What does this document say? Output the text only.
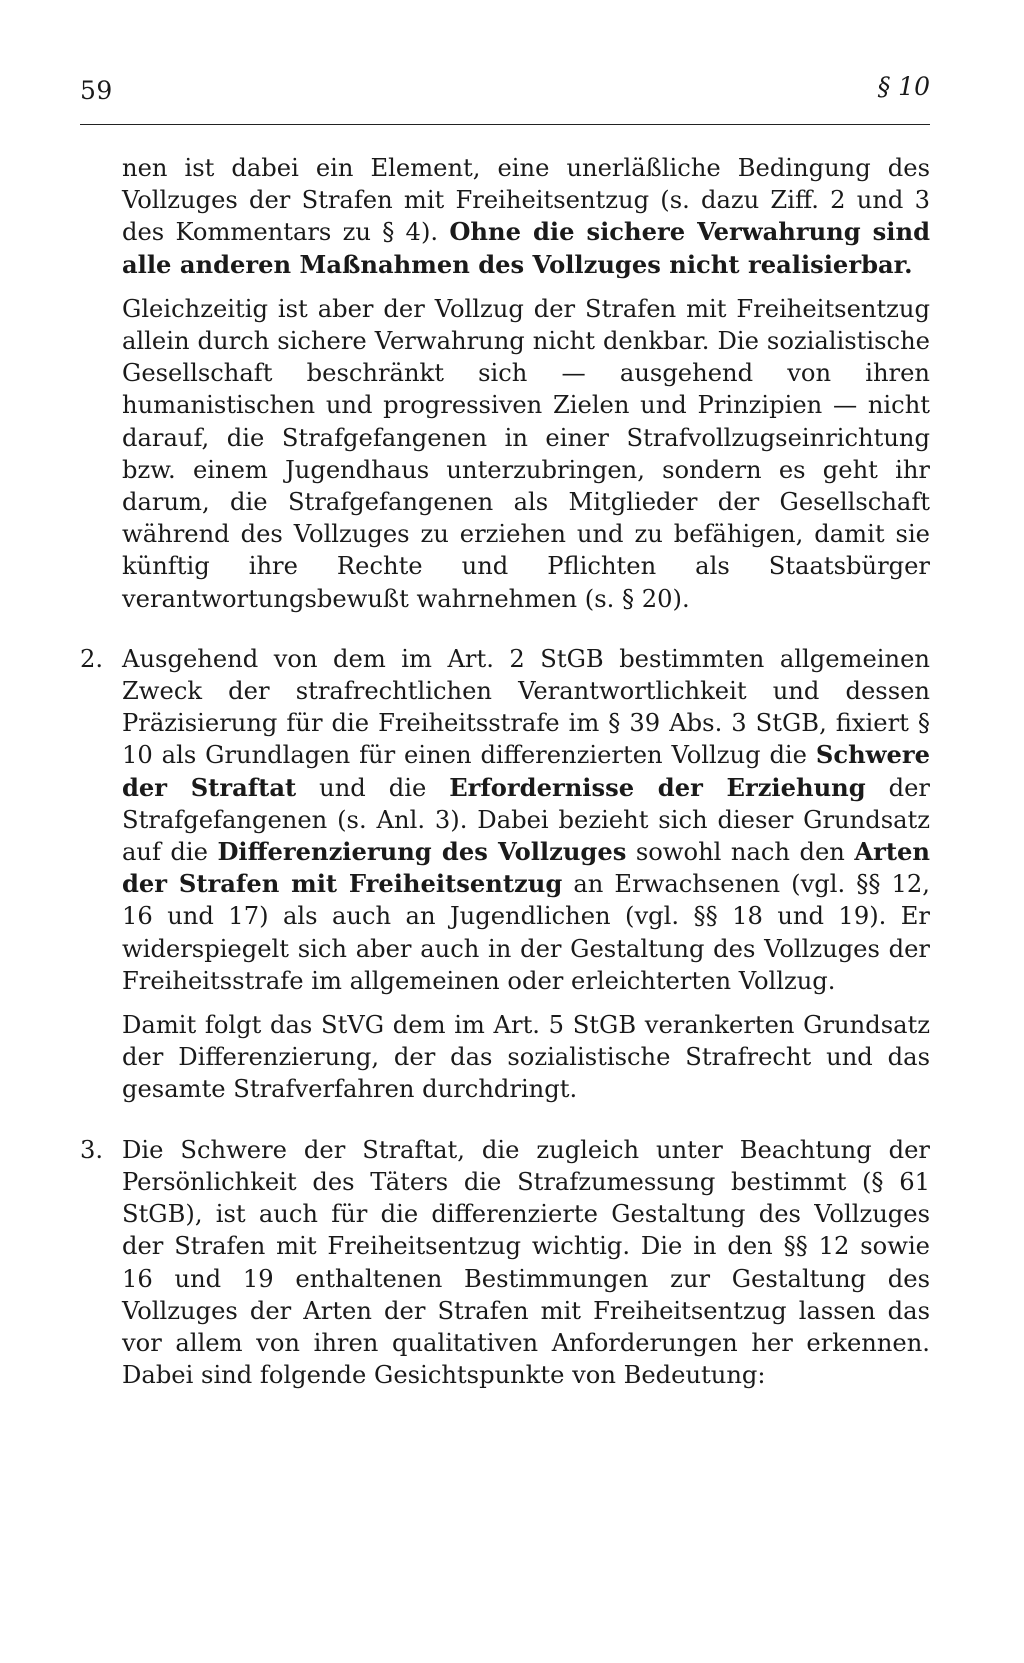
59	§ 10

nen ist dabei ein Element, eine unerläßliche Bedingung des Vollzuges der Strafen mit Freiheitsentzug (s. dazu Ziff. 2 und 3 des Kommentars zu § 4). Ohne die sichere Verwahrung sind alle anderen Maßnahmen des Vollzuges nicht realisierbar.

Gleichzeitig ist aber der Vollzug der Strafen mit Freiheitsentzug allein durch sichere Verwahrung nicht denkbar. Die sozialistische Gesellschaft beschränkt sich — ausgehend von ihren humanistischen und progressiven Zielen und Prinzipien — nicht darauf, die Strafgefangenen in einer Strafvollzugseinrichtung bzw. einem Jugendhaus unterzubringen, sondern es geht ihr darum, die Strafgefangenen als Mitglieder der Gesellschaft während des Vollzuges zu erziehen und zu befähigen, damit sie künftig ihre Rechte und Pflichten als Staatsbürger verantwortungsbewußt wahrnehmen (s. § 20).

2. Ausgehend von dem im Art. 2 StGB bestimmten allgemeinen Zweck der strafrechtlichen Verantwortlichkeit und dessen Präzisierung für die Freiheitsstrafe im § 39 Abs. 3 StGB, fixiert § 10 als Grundlagen für einen differenzierten Vollzug die Schwere der Straftat und die Erfordernisse der Erziehung der Strafgefangenen (s. Anl. 3). Dabei bezieht sich dieser Grundsatz auf die Differenzierung des Vollzuges sowohl nach den Arten der Strafen mit Freiheitsentzug an Erwachsenen (vgl. §§ 12, 16 und 17) als auch an Jugendlichen (vgl. §§ 18 und 19). Er widerspiegelt sich aber auch in der Gestaltung des Vollzuges der Freiheitsstrafe im allgemeinen oder erleichterten Vollzug.

Damit folgt das StVG dem im Art. 5 StGB verankerten Grundsatz der Differenzierung, der das sozialistische Strafrecht und das gesamte Strafverfahren durchdringt.

3. Die Schwere der Straftat, die zugleich unter Beachtung der Persönlichkeit des Täters die Strafzumessung bestimmt (§ 61 StGB), ist auch für die differenzierte Gestaltung des Vollzuges der Strafen mit Freiheitsentzug wichtig. Die in den §§ 12 sowie 16 und 19 enthaltenen Bestimmungen zur Gestaltung des Vollzuges der Arten der Strafen mit Freiheitsentzug lassen das vor allem von ihren qualitativen Anforderungen her erkennen. Dabei sind folgende Gesichtspunkte von Bedeutung:
